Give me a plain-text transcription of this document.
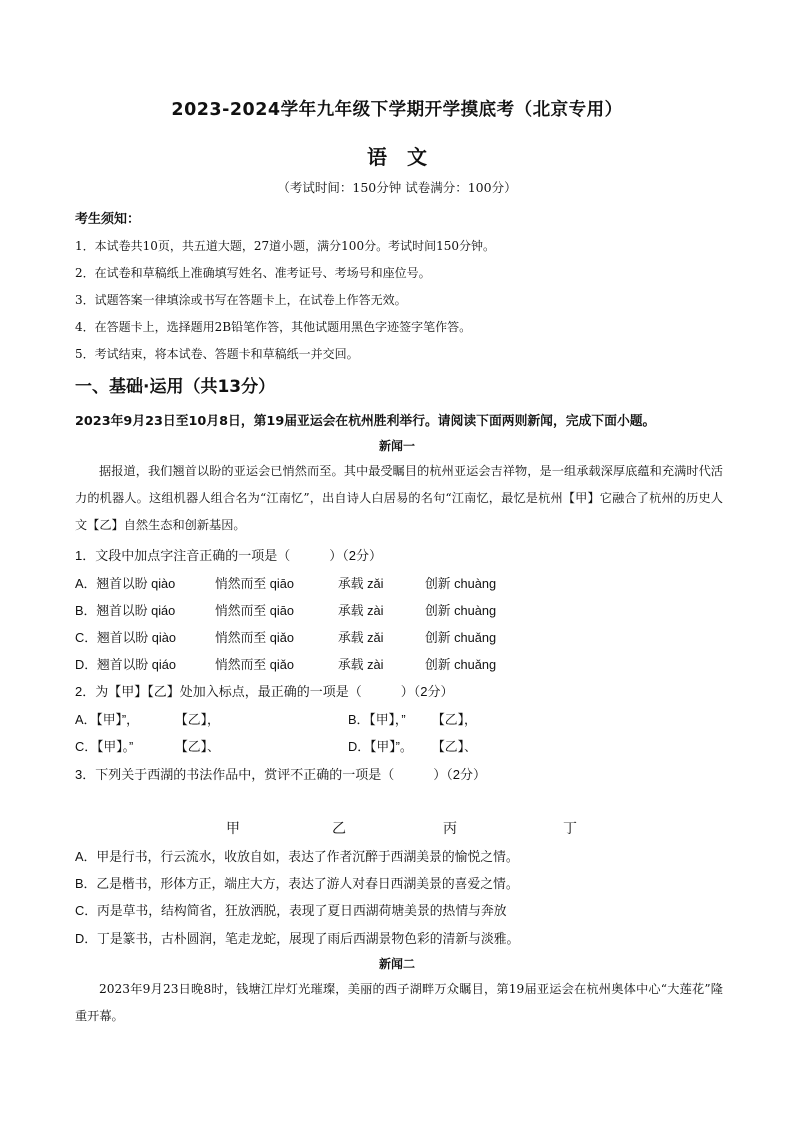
2023-2024学年九年级下学期开学摸底考（北京专用）
语 文
（考试时间：150分钟 试卷满分：100分）
考生须知：
1．本试卷共10页，共五道大题，27道小题，满分100分。考试时间150分钟。
2．在试卷和草稿纸上准确填写姓名、准考证号、考场号和座位号。
3．试题答案一律填涂或书写在答题卡上，在试卷上作答无效。
4．在答题卡上，选择题用2B铅笔作答，其他试题用黑色字迹签字笔作答。
5．考试结束，将本试卷、答题卡和草稿纸一并交回。
一、基础·运用（共13分）
2023年9月23日至10月8日，第19届亚运会在杭州胜利举行。请阅读下面两则新闻，完成下面小题。
新闻一
据报道，我们翘首以盼的亚运会已悄然而至。其中最受瞩目的杭州亚运会吉祥物，是一组承载深厚底蕴和充满时代活力的机器人。这组机器人组合名为“江南忆”，出自诗人白居易的名句“江南忆，最忆是杭州【甲】它融合了杭州的历史人文【乙】自然生态和创新基因。
1．文段中加点字注音正确的一项是（　　　）（2分）
A．翘首以盼 qiào	悄然而至 qiāo	承载 zǎi	创新 chuàng
B．翘首以盼 qiáo	悄然而至 qiāo	承载 zài	创新 chuàng
C．翘首以盼 qiào	悄然而至 qiǎo	承载 zǎi	创新 chuǎng
D．翘首以盼 qiáo	悄然而至 qiǎo	承载 zài	创新 chuǎng
2．为【甲】【乙】处加入标点，最正确的一项是（　　　）（2分）
A．【甲】”，	【乙】，	B．【甲】，” 【乙】，
C．【甲】。”	【乙】、	D．【甲】”。 【乙】、
3．下列关于西湖的书法作品中，赏评不正确的一项是（　　　）（2分）
甲	乙	丙	丁
A．甲是行书，行云流水，收放自如，表达了作者沉醉于西湖美景的愉悦之情。
B．乙是楷书，形体方正，端庄大方，表达了游人对春日西湖美景的喜爱之情。
C．丙是草书，结构简省，狂放洒脱，表现了夏日西湖荷塘美景的热情与奔放
D．丁是篆书，古朴圆润，笔走龙蛇，展现了雨后西湖景物色彩的清新与淡雅。
新闻二
2023年9月23日晚8时，钱塘江岸灯光璀璨，美丽的西子湖畔万众瞩目，第19届亚运会在杭州奥体中心“大莲花”隆重开幕。
